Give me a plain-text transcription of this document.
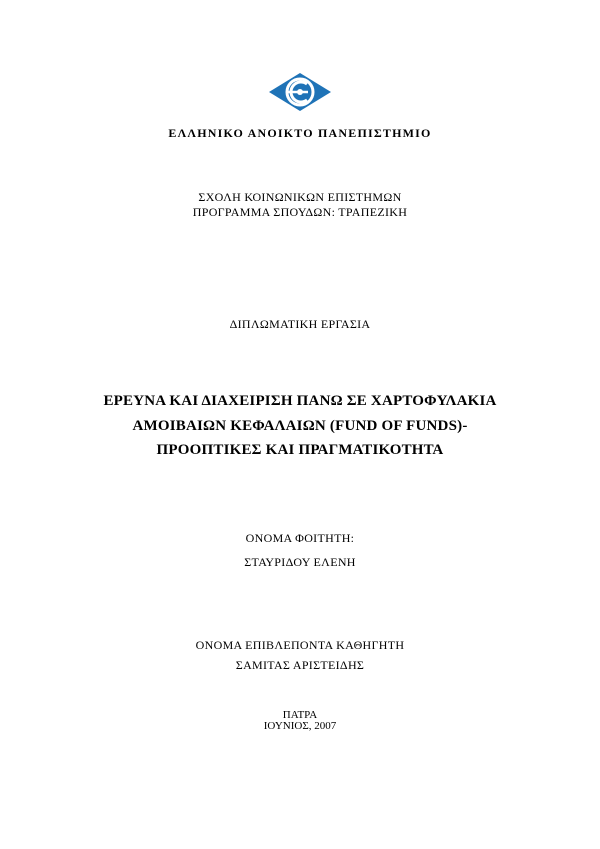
ΕΛΛΗΝΙΚΟ ΑΝΟΙΚΤΟ ΠΑΝΕΠΙΣΤΗΜΙΟ
ΣΧΟΛΗ ΚΟΙΝΩΝΙΚΩΝ ΕΠΙΣΤΗΜΩΝ
ΠΡΟΓΡΑΜΜΑ ΣΠΟΥΔΩΝ: ΤΡΑΠΕΖΙΚΗ
ΔΙΠΛΩΜΑΤΙΚΗ ΕΡΓΑΣΙΑ
ΕΡΕΥΝΑ ΚΑΙ ΔΙΑΧΕΙΡΙΣΗ ΠΑΝΩ ΣΕ ΧΑΡΤΟΦΥΛΑΚΙΑ
ΑΜΟΙΒΑΙΩΝ ΚΕΦΑΛΑΙΩΝ (FUND OF FUNDS)-
ΠΡΟΟΠΤΙΚΕΣ ΚΑΙ ΠΡΑΓΜΑΤΙΚΟΤΗΤΑ
ΟΝΟΜΑ ΦΟΙΤΗΤΗ:
ΣΤΑΥΡΙΔΟΥ ΕΛΕΝΗ
ΟΝΟΜΑ ΕΠΙΒΛΕΠΟΝΤΑ ΚΑΘΗΓΗΤΗ
ΣΑΜΙΤΑΣ ΑΡΙΣΤΕΙΔΗΣ
ΠΑΤΡΑ
ΙΟΥΝΙΟΣ, 2007
